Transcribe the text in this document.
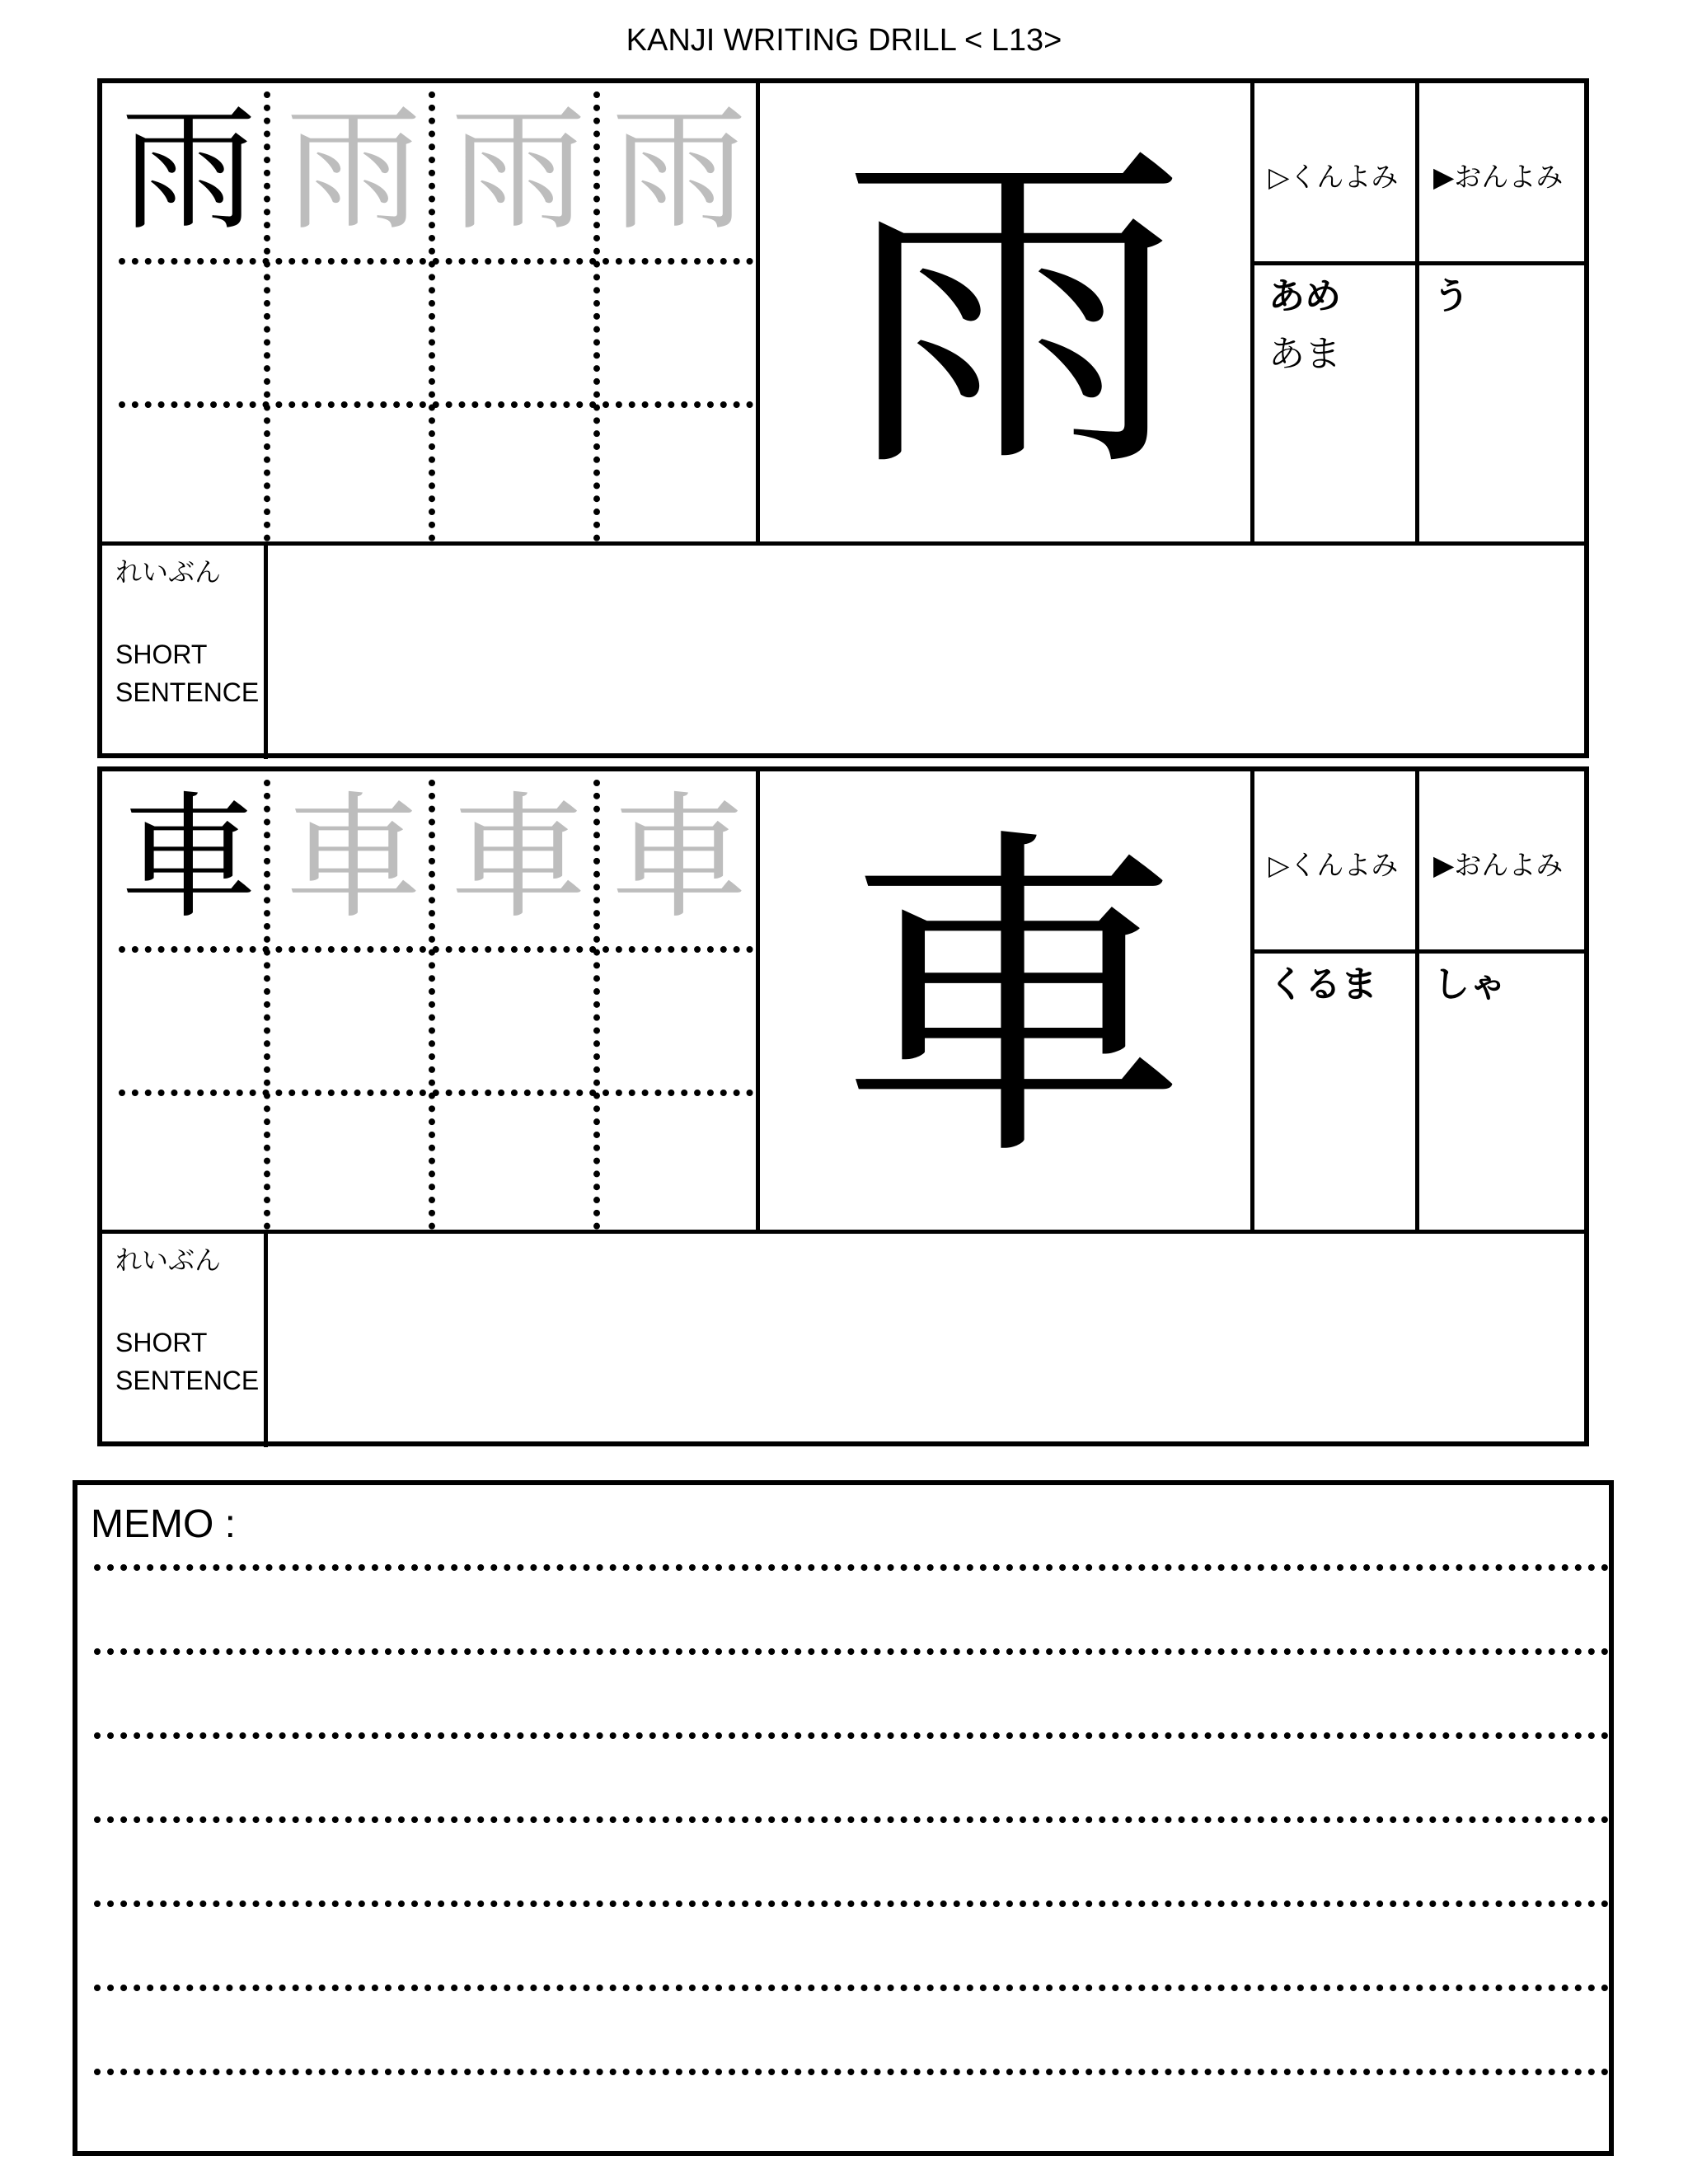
KANJI WRITING DRILL < L13>
雨 雨 雨 雨 雨	▷くんよみ ▶おんよみ
あめ
あま
う
れいぶん
SHORT
SENTENCE
車 車 車 車 車	▷くんよみ ▶おんよみ
くるま しゃ
れいぶん
SHORT
SENTENCE
MEMO :
